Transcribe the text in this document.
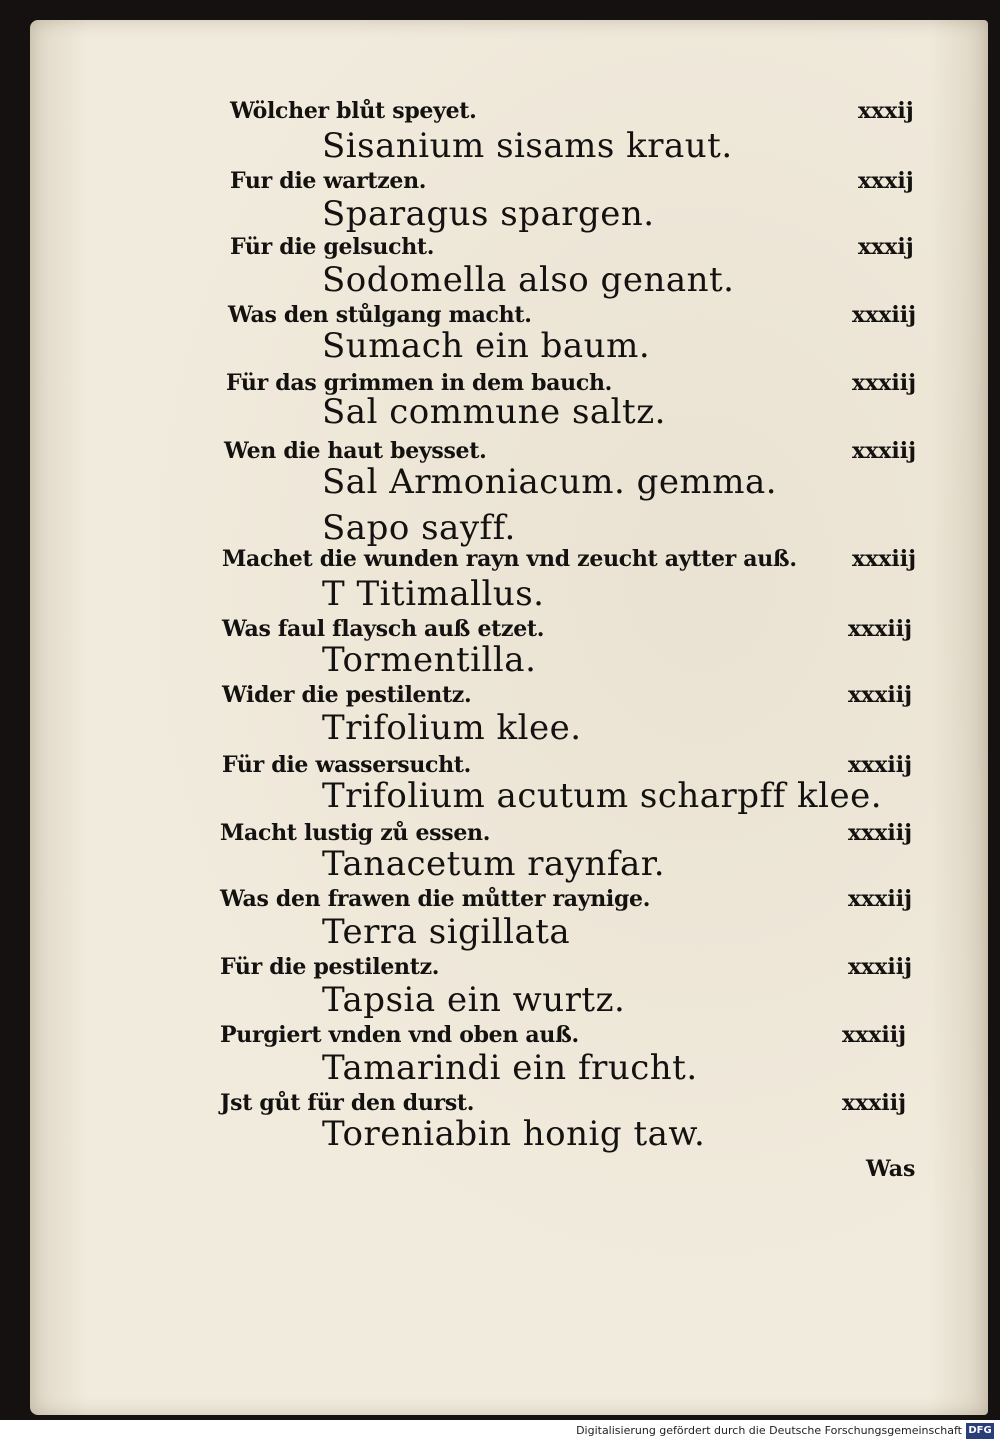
Wölcher blůt speyet.	xxxij
Sisanium sisams kraut.
Fur die wartzen.	xxxij
Sparagus spargen.
Für die gelsucht.	xxxij
Sodomella also genant.
Was den stůlgang macht.	xxxiij
Sumach ein baum.
Für das grimmen in dem bauch.	xxxiij
Sal commune saltz.
Wen die haut beysset.	xxxiij
Sal Armoniacum. gemma.
Sapo sayff.
Machet die wunden rayn vnd zeucht aytter auß.	xxxiij
T Titimallus.
Was faul flaysch auß etzet.	xxxiij
Tormentilla.
Wider die pestilentz.	xxxiij
Trifolium klee.
Für die wassersucht.	xxxiij
Trifolium acutum scharpff klee.
Macht lustig zů essen.	xxxiij
Tanacetum raynfar.
Was den frawen die můtter raynige.	xxxiij
Terra sigillata
Für die pestilentz.	xxxiij
Tapsia ein wurtz.
Purgiert vnden vnd oben auß.	xxxiij
Tamarindi ein frucht.
Jst gůt für den durst.	xxxiij
Toreniabin honig taw.
Was
Digitalisierung gefördert durch die Deutsche Forschungsgemeinschaft DFG
